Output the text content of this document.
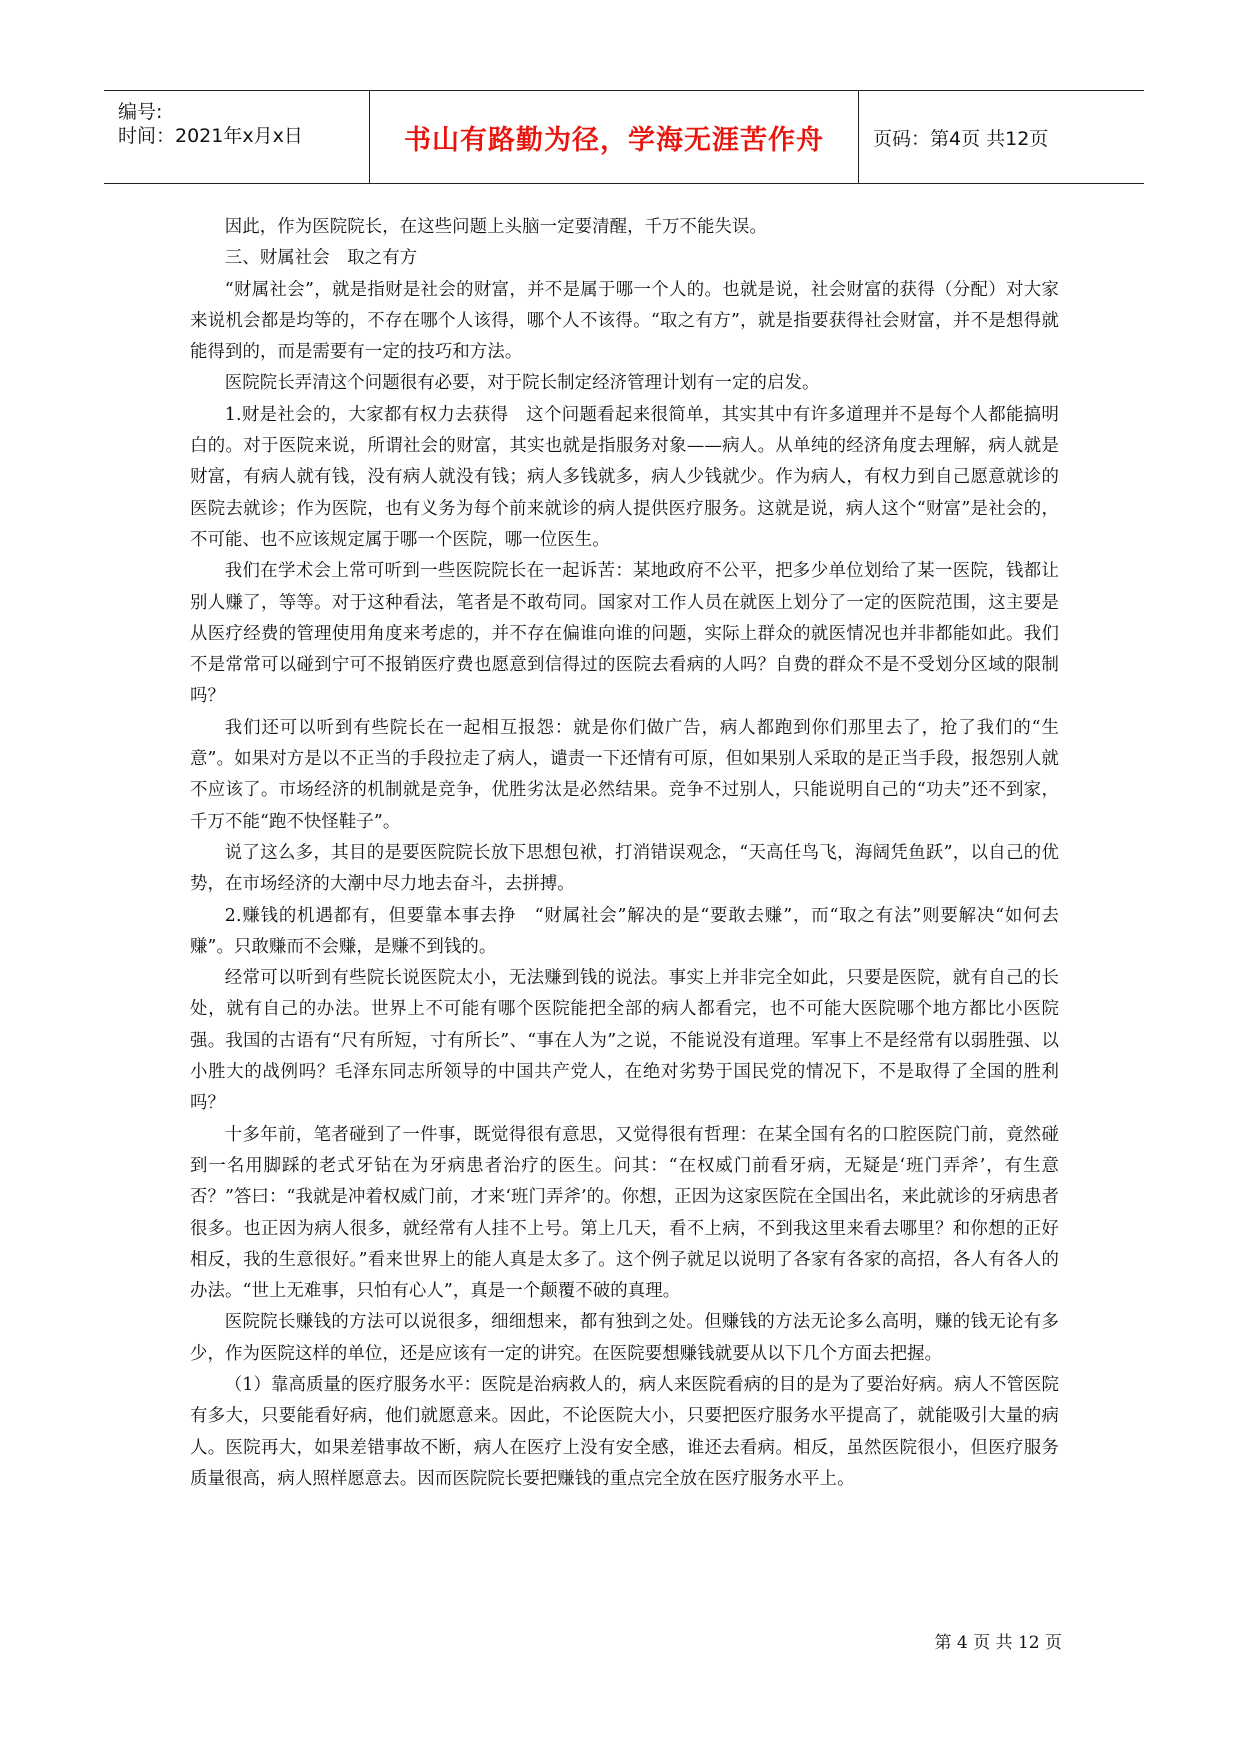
编号:
时间：2021年x月x日	书山有路勤为径，学海无涯苦作舟	页码：第4页 共12页

因此，作为医院院长，在这些问题上头脑一定要清醒，千万不能失误。

三、财属社会　取之有方

“财属社会”，就是指财是社会的财富，并不是属于哪一个人的。也就是说，社会财富的获得（分配）对大家来说机会都是均等的，不存在哪个人该得，哪个人不该得。“取之有方”，就是指要获得社会财富，并不是想得就能得到的，而是需要有一定的技巧和方法。

医院院长弄清这个问题很有必要，对于院长制定经济管理计划有一定的启发。

1.财是社会的，大家都有权力去获得　这个问题看起来很简单，其实其中有许多道理并不是每个人都能搞明白的。对于医院来说，所谓社会的财富，其实也就是指服务对象——病人。从单纯的经济角度去理解，病人就是财富，有病人就有钱，没有病人就没有钱；病人多钱就多，病人少钱就少。作为病人，有权力到自己愿意就诊的医院去就诊；作为医院，也有义务为每个前来就诊的病人提供医疗服务。这就是说，病人这个“财富”是社会的，不可能、也不应该规定属于哪一个医院，哪一位医生。

我们在学术会上常可听到一些医院院长在一起诉苦：某地政府不公平，把多少单位划给了某一医院，钱都让别人赚了，等等。对于这种看法，笔者是不敢苟同。国家对工作人员在就医上划分了一定的医院范围，这主要是从医疗经费的管理使用角度来考虑的，并不存在偏谁向谁的问题，实际上群众的就医情况也并非都能如此。我们不是常常可以碰到宁可不报销医疗费也愿意到信得过的医院去看病的人吗？自费的群众不是不受划分区域的限制吗？

我们还可以听到有些院长在一起相互报怨：就是你们做广告，病人都跑到你们那里去了，抢了我们的“生意”。如果对方是以不正当的手段拉走了病人，谴责一下还情有可原，但如果别人采取的是正当手段，报怨别人就不应该了。市场经济的机制就是竞争，优胜劣汰是必然结果。竞争不过别人，只能说明自己的“功夫”还不到家，千万不能“跑不快怪鞋子”。

说了这么多，其目的是要医院院长放下思想包袱，打消错误观念，“天高任鸟飞，海阔凭鱼跃”，以自己的优势，在市场经济的大潮中尽力地去奋斗，去拼搏。

2.赚钱的机遇都有，但要靠本事去挣　“财属社会”解决的是“要敢去赚”，而“取之有法”则要解决“如何去赚”。只敢赚而不会赚，是赚不到钱的。

经常可以听到有些院长说医院太小，无法赚到钱的说法。事实上并非完全如此，只要是医院，就有自己的长处，就有自己的办法。世界上不可能有哪个医院能把全部的病人都看完，也不可能大医院哪个地方都比小医院强。我国的古语有“尺有所短，寸有所长”、“事在人为”之说，不能说没有道理。军事上不是经常有以弱胜强、以小胜大的战例吗？毛泽东同志所领导的中国共产党人，在绝对劣势于国民党的情况下，不是取得了全国的胜利吗？

十多年前，笔者碰到了一件事，既觉得很有意思，又觉得很有哲理：在某全国有名的口腔医院门前，竟然碰到一名用脚踩的老式牙钻在为牙病患者治疗的医生。问其：“在权威门前看牙病，无疑是‘班门弄斧’，有生意否？”答曰：“我就是冲着权威门前，才来‘班门弄斧’的。你想，正因为这家医院在全国出名，来此就诊的牙病患者很多。也正因为病人很多，就经常有人挂不上号。第上几天，看不上病，不到我这里来看去哪里？和你想的正好相反，我的生意很好。”看来世界上的能人真是太多了。这个例子就足以说明了各家有各家的高招，各人有各人的办法。“世上无难事，只怕有心人”，真是一个颠覆不破的真理。

医院院长赚钱的方法可以说很多，细细想来，都有独到之处。但赚钱的方法无论多么高明，赚的钱无论有多少，作为医院这样的单位，还是应该有一定的讲究。在医院要想赚钱就要从以下几个方面去把握。

（1）靠高质量的医疗服务水平：医院是治病救人的，病人来医院看病的目的是为了要治好病。病人不管医院有多大，只要能看好病，他们就愿意来。因此，不论医院大小，只要把医疗服务水平提高了，就能吸引大量的病人。医院再大，如果差错事故不断，病人在医疗上没有安全感，谁还去看病。相反，虽然医院很小，但医疗服务质量很高，病人照样愿意去。因而医院院长要把赚钱的重点完全放在医疗服务水平上。

第 4 页 共 12 页
